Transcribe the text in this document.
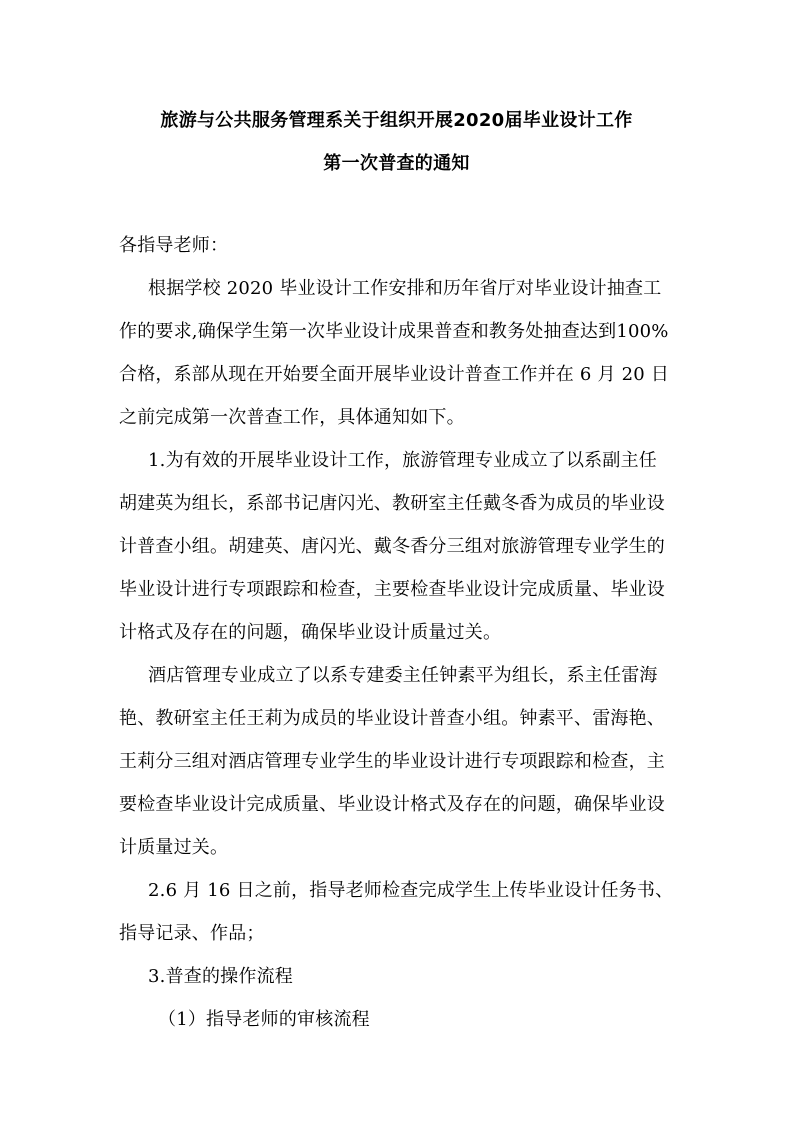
旅游与公共服务管理系关于组织开展2020届毕业设计工作
第一次普查的通知
各指导老师：
根据学校 2020 毕业设计工作安排和历年省厅对毕业设计抽查工
作的要求,确保学生第一次毕业设计成果普查和教务处抽查达到100%
合格，系部从现在开始要全面开展毕业设计普查工作并在 6 月 20 日
之前完成第一次普查工作，具体通知如下。
1.为有效的开展毕业设计工作，旅游管理专业成立了以系副主任
胡建英为组长，系部书记唐闪光、教研室主任戴冬香为成员的毕业设
计普查小组。胡建英、唐闪光、戴冬香分三组对旅游管理专业学生的
毕业设计进行专项跟踪和检查，主要检查毕业设计完成质量、毕业设
计格式及存在的问题，确保毕业设计质量过关。
酒店管理专业成立了以系专建委主任钟素平为组长，系主任雷海
艳、教研室主任王莉为成员的毕业设计普查小组。钟素平、雷海艳、
王莉分三组对酒店管理专业学生的毕业设计进行专项跟踪和检查，主
要检查毕业设计完成质量、毕业设计格式及存在的问题，确保毕业设
计质量过关。
2.6 月 16 日之前，指导老师检查完成学生上传毕业设计任务书、
指导记录、作品；
3.普查的操作流程
（1）指导老师的审核流程
